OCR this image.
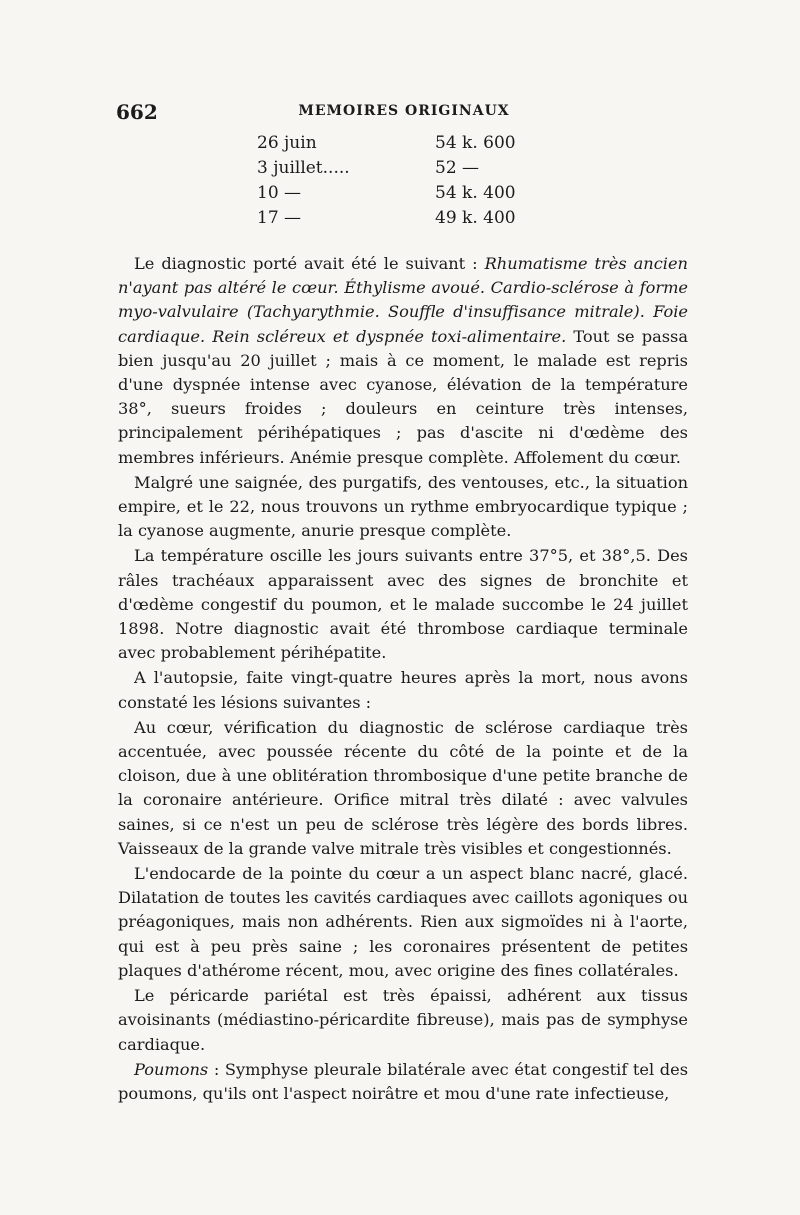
662	MEMOIRES ORIGINAUX
26 juin	54 k. 600
3 juillet.....	52 —
10 —	54 k. 400
17 —	49 k. 400

Le diagnostic porté avait été le suivant : Rhumatisme très ancien n'ayant pas altéré le cœur. Éthylisme avoué. Cardio-sclérose à forme myo-valvulaire (Tachyarythmie. Souffle d'insuffisance mitrale). Foie cardiaque. Rein scléreux et dyspnée toxi-alimentaire. Tout se passa bien jusqu'au 20 juillet ; mais à ce moment, le malade est repris d'une dyspnée intense avec cyanose, élévation de la température 38°, sueurs froides ; douleurs en ceinture très intenses, principalement périhépatiques ; pas d'ascite ni d'œdème des membres inférieurs. Anémie presque complète. Affolement du cœur.

Malgré une saignée, des purgatifs, des ventouses, etc., la situation empire, et le 22, nous trouvons un rythme embryocardique typique ; la cyanose augmente, anurie presque complète.

La température oscille les jours suivants entre 37°5, et 38°,5. Des râles trachéaux apparaissent avec des signes de bronchite et d'œdème congestif du poumon, et le malade succombe le 24 juillet 1898. Notre diagnostic avait été thrombose cardiaque terminale avec probablement périhépatite.

A l'autopsie, faite vingt-quatre heures après la mort, nous avons constaté les lésions suivantes :

Au cœur, vérification du diagnostic de sclérose cardiaque très accentuée, avec poussée récente du côté de la pointe et de la cloison, due à une oblitération thrombosique d'une petite branche de la coronaire antérieure. Orifice mitral très dilaté : avec valvules saines, si ce n'est un peu de sclérose très légère des bords libres. Vaisseaux de la grande valve mitrale très visibles et congestionnés.

L'endocarde de la pointe du cœur a un aspect blanc nacré, glacé. Dilatation de toutes les cavités cardiaques avec caillots agoniques ou préagoniques, mais non adhérents. Rien aux sigmoïdes ni à l'aorte, qui est à peu près saine ; les coronaires présentent de petites plaques d'athérome récent, mou, avec origine des fines collatérales.

Le péricarde pariétal est très épaissi, adhérent aux tissus avoisinants (médiastino-péricardite fibreuse), mais pas de symphyse cardiaque.

Poumons : Symphyse pleurale bilatérale avec état congestif tel des poumons, qu'ils ont l'aspect noirâtre et mou d'une rate infectieuse,
